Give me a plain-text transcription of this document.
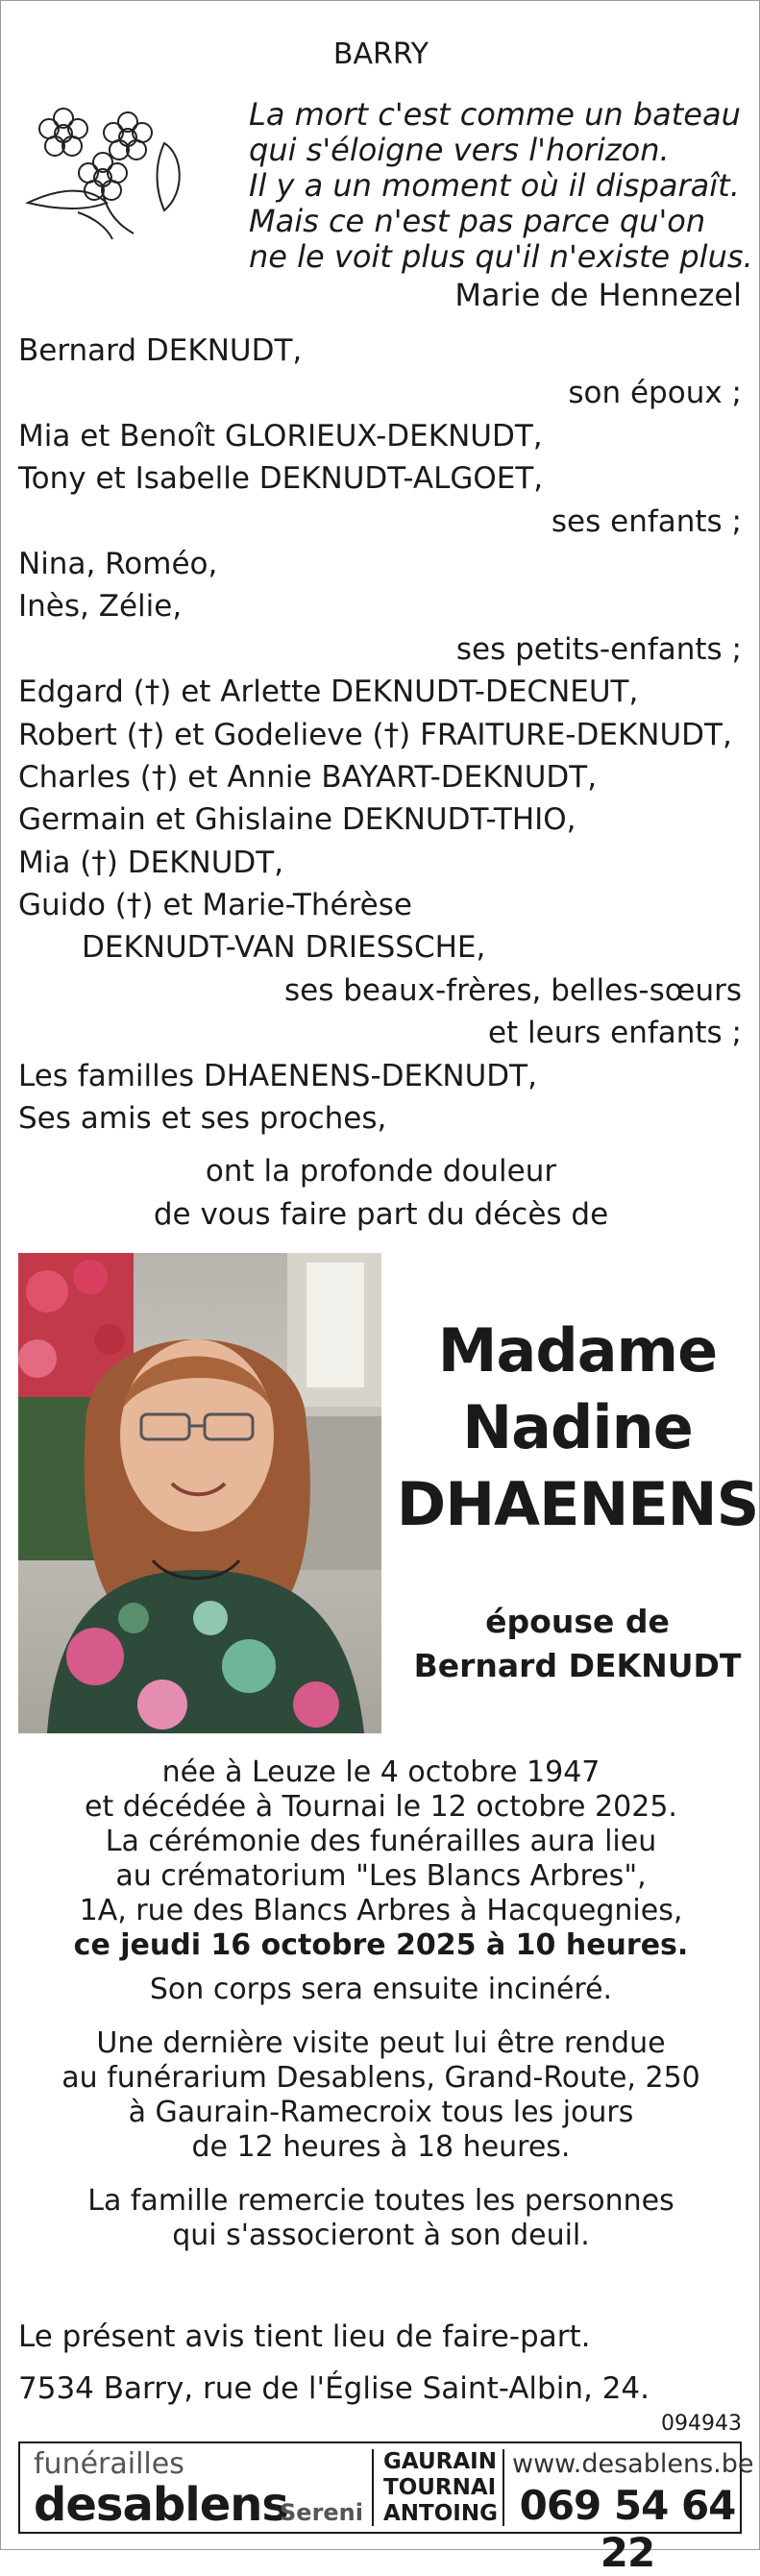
BARRY
La mort c'est comme un bateau
qui s'éloigne vers l'horizon.
Il y a un moment où il disparaît.
Mais ce n'est pas parce qu'on
ne le voit plus qu'il n'existe plus.
Marie de Hennezel
Bernard DEKNUDT,
son époux ;
Mia et Benoît GLORIEUX-DEKNUDT,
Tony et Isabelle DEKNUDT-ALGOET,
ses enfants ;
Nina, Roméo,
Inès, Zélie,
ses petits-enfants ;
Edgard (†) et Arlette DEKNUDT-DECNEUT,
Robert (†) et Godelieve (†) FRAITURE-DEKNUDT,
Charles (†) et Annie BAYART-DEKNUDT,
Germain et Ghislaine DEKNUDT-THIO,
Mia (†) DEKNUDT,
Guido (†) et Marie-Thérèse
DEKNUDT-VAN DRIESSCHE,
ses beaux-frères, belles-sœurs
et leurs enfants ;
Les familles DHAENENS-DEKNUDT,
Ses amis et ses proches,
ont la profonde douleur
de vous faire part du décès de
Madame
Nadine
DHAENENS
épouse de
Bernard DEKNUDT
née à Leuze le 4 octobre 1947
et décédée à Tournai le 12 octobre 2025.
La cérémonie des funérailles aura lieu
au crématorium "Les Blancs Arbres",
1A, rue des Blancs Arbres à Hacquegnies,
ce jeudi 16 octobre 2025 à 10 heures.
Son corps sera ensuite incinéré.
Une dernière visite peut lui être rendue
au funérarium Desablens, Grand-Route, 250
à Gaurain-Ramecroix tous les jours
de 12 heures à 18 heures.
La famille remercie toutes les personnes
qui s'associeront à son deuil.
Le présent avis tient lieu de faire-part.
7534 Barry, rue de l'Église Saint-Albin, 24.
094943
funérailles
desablens
Sereni
GAURAIN
TOURNAI
ANTOING
www.desablens.be
069 54 64 22
